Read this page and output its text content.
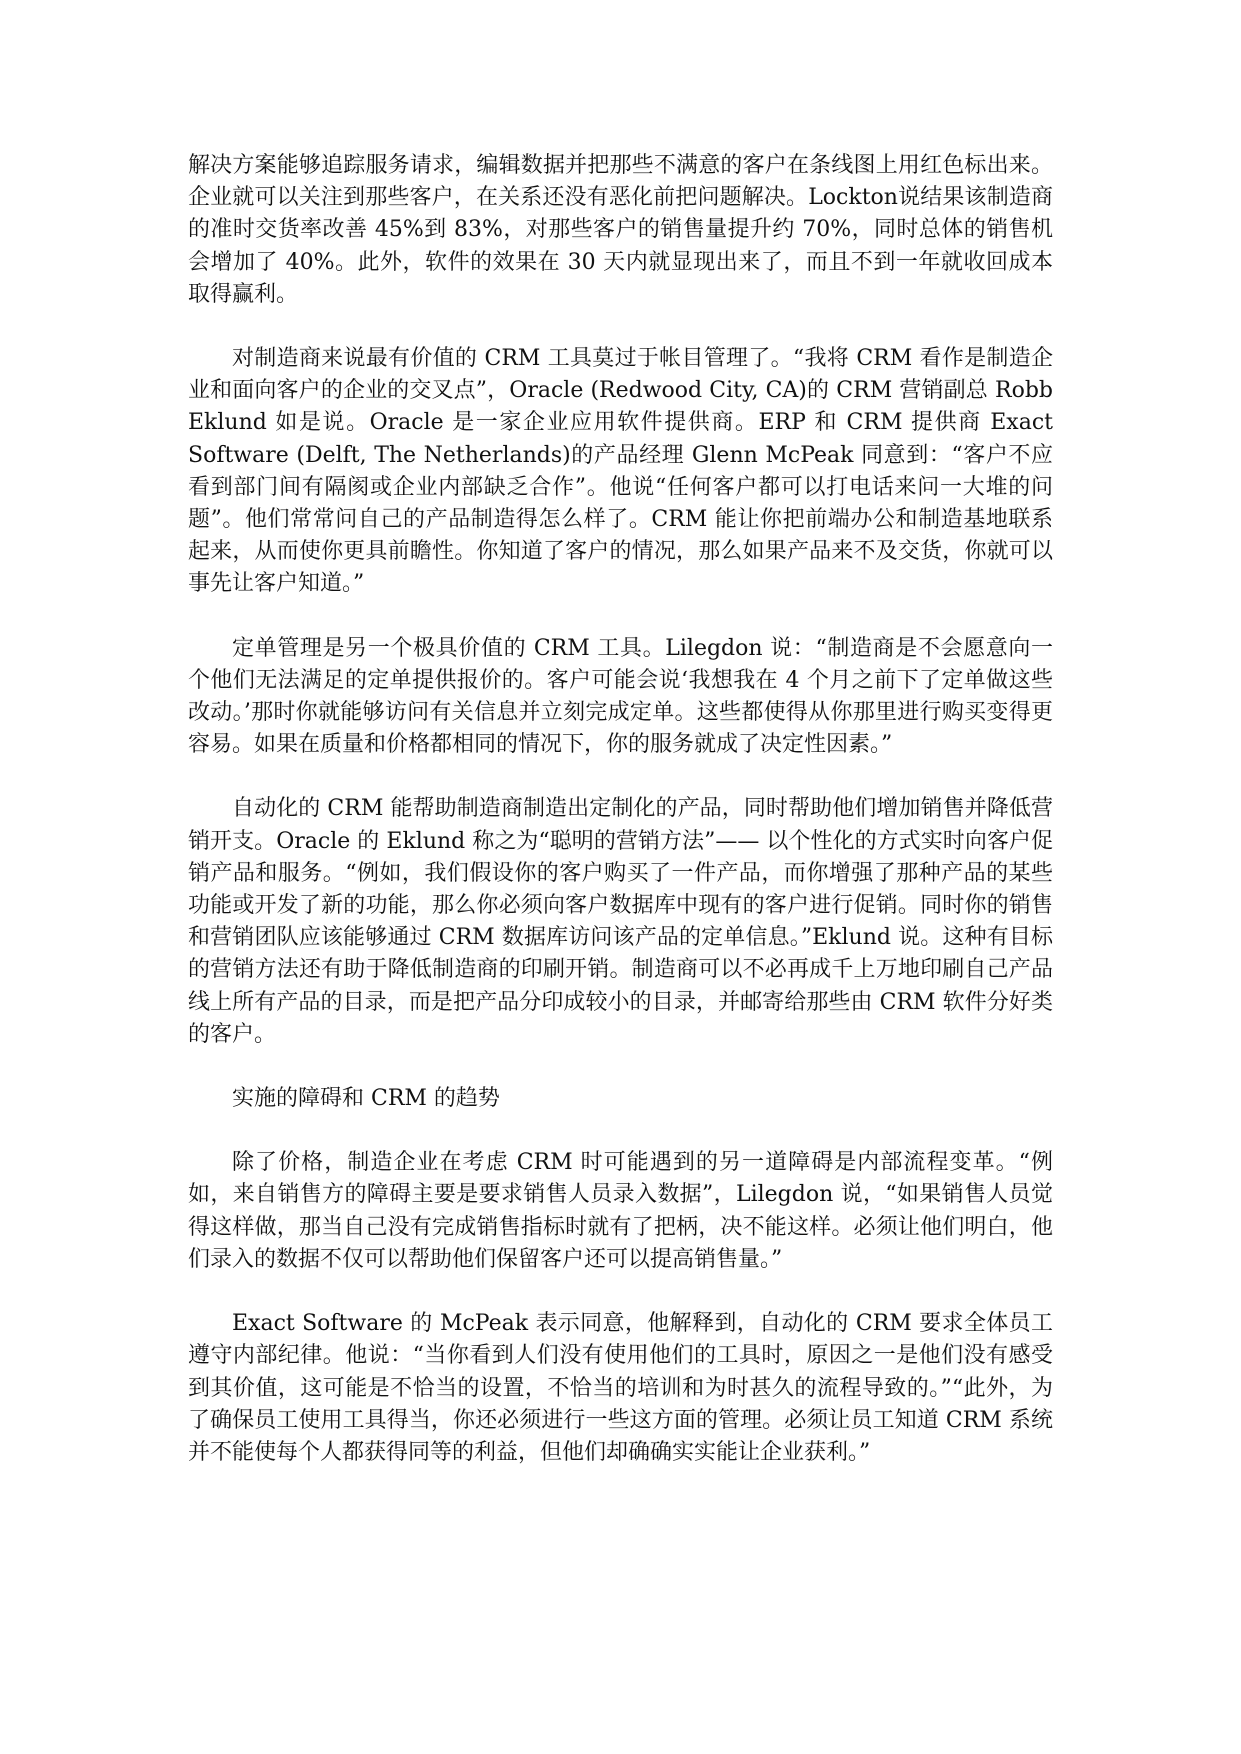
解决方案能够追踪服务请求，编辑数据并把那些不满意的客户在条线图上用红色标出来。企业就可以关注到那些客户，在关系还没有恶化前把问题解决。Lockton说结果该制造商的准时交货率改善 45%到 83%，对那些客户的销售量提升约 70%，同时总体的销售机会增加了 40%。此外，软件的效果在 30 天内就显现出来了，而且不到一年就收回成本取得赢利。

对制造商来说最有价值的 CRM 工具莫过于帐目管理了。“我将 CRM 看作是制造企业和面向客户的企业的交叉点”，Oracle (Redwood City, CA)的 CRM 营销副总 Robb Eklund 如是说。Oracle 是一家企业应用软件提供商。ERP 和 CRM 提供商 Exact Software (Delft, The Netherlands)的产品经理 Glenn McPeak 同意到：“客户不应看到部门间有隔阂或企业内部缺乏合作”。他说“任何客户都可以打电话来问一大堆的问题”。他们常常问自己的产品制造得怎么样了。CRM 能让你把前端办公和制造基地联系起来，从而使你更具前瞻性。你知道了客户的情况，那么如果产品来不及交货，你就可以事先让客户知道。”

定单管理是另一个极具价值的 CRM 工具。Lilegdon 说：“制造商是不会愿意向一个他们无法满足的定单提供报价的。客户可能会说‘我想我在 4 个月之前下了定单做这些改动。’那时你就能够访问有关信息并立刻完成定单。这些都使得从你那里进行购买变得更容易。如果在质量和价格都相同的情况下，你的服务就成了决定性因素。”

自动化的 CRM 能帮助制造商制造出定制化的产品，同时帮助他们增加销售并降低营销开支。Oracle 的 Eklund 称之为“聪明的营销方法”—— 以个性化的方式实时向客户促销产品和服务。“例如，我们假设你的客户购买了一件产品，而你增强了那种产品的某些功能或开发了新的功能，那么你必须向客户数据库中现有的客户进行促销。同时你的销售和营销团队应该能够通过 CRM 数据库访问该产品的定单信息。”Eklund 说。这种有目标的营销方法还有助于降低制造商的印刷开销。制造商可以不必再成千上万地印刷自己产品线上所有产品的目录，而是把产品分印成较小的目录，并邮寄给那些由 CRM 软件分好类的客户。

实施的障碍和 CRM 的趋势

除了价格，制造企业在考虑 CRM 时可能遇到的另一道障碍是内部流程变革。“例如，来自销售方的障碍主要是要求销售人员录入数据”，Lilegdon 说，“如果销售人员觉得这样做，那当自己没有完成销售指标时就有了把柄，决不能这样。必须让他们明白，他们录入的数据不仅可以帮助他们保留客户还可以提高销售量。”

Exact Software 的 McPeak 表示同意，他解释到，自动化的 CRM 要求全体员工遵守内部纪律。他说：“当你看到人们没有使用他们的工具时，原因之一是他们没有感受到其价值，这可能是不恰当的设置，不恰当的培训和为时甚久的流程导致的。”“此外，为了确保员工使用工具得当，你还必须进行一些这方面的管理。必须让员工知道 CRM 系统并不能使每个人都获得同等的利益，但他们却确确实实能让企业获利。”
